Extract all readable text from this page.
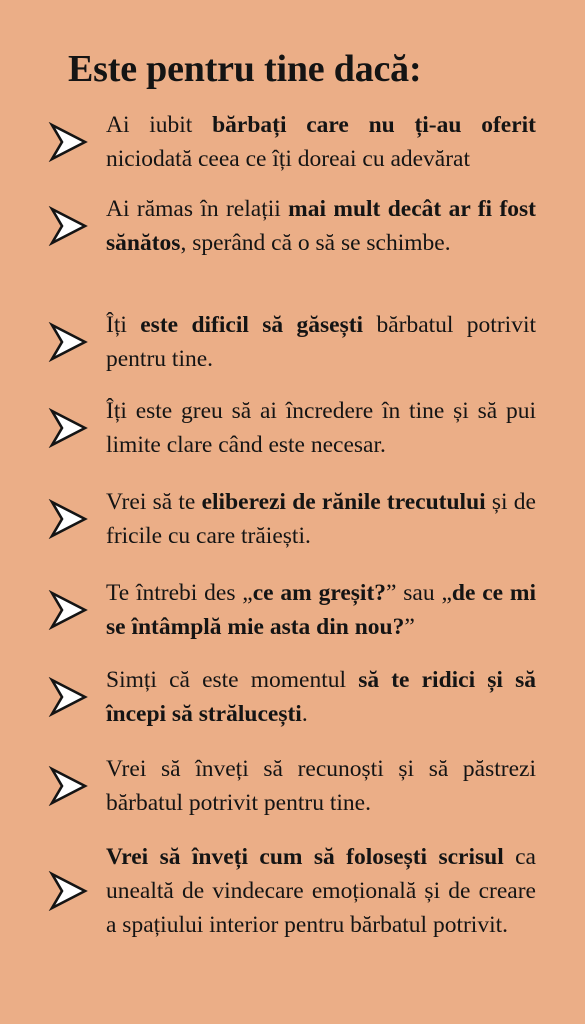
Este pentru tine dacă:

Ai iubit bărbați care nu ți-au oferit niciodată ceea ce îți doreai cu adevărat

Ai rămas în relații mai mult decât ar fi fost sănătos, sperând că o să se schimbe.

Îți este dificil să găsești bărbatul potrivit pentru tine.

Îți este greu să ai încredere în tine și să pui limite clare când este necesar.

Vrei să te eliberezi de rănile trecutului și de fricile cu care trăiești.

Te întrebi des „ce am greșit?” sau „de ce mi se întâmplă mie asta din nou?”

Simți că este momentul să te ridici și să începi să strălucești.

Vrei să înveți să recunoști și să păstrezi bărbatul potrivit pentru tine.

Vrei să înveți cum să folosești scrisul ca unealtă de vindecare emoțională și de creare a spațiului interior pentru bărbatul potrivit.
